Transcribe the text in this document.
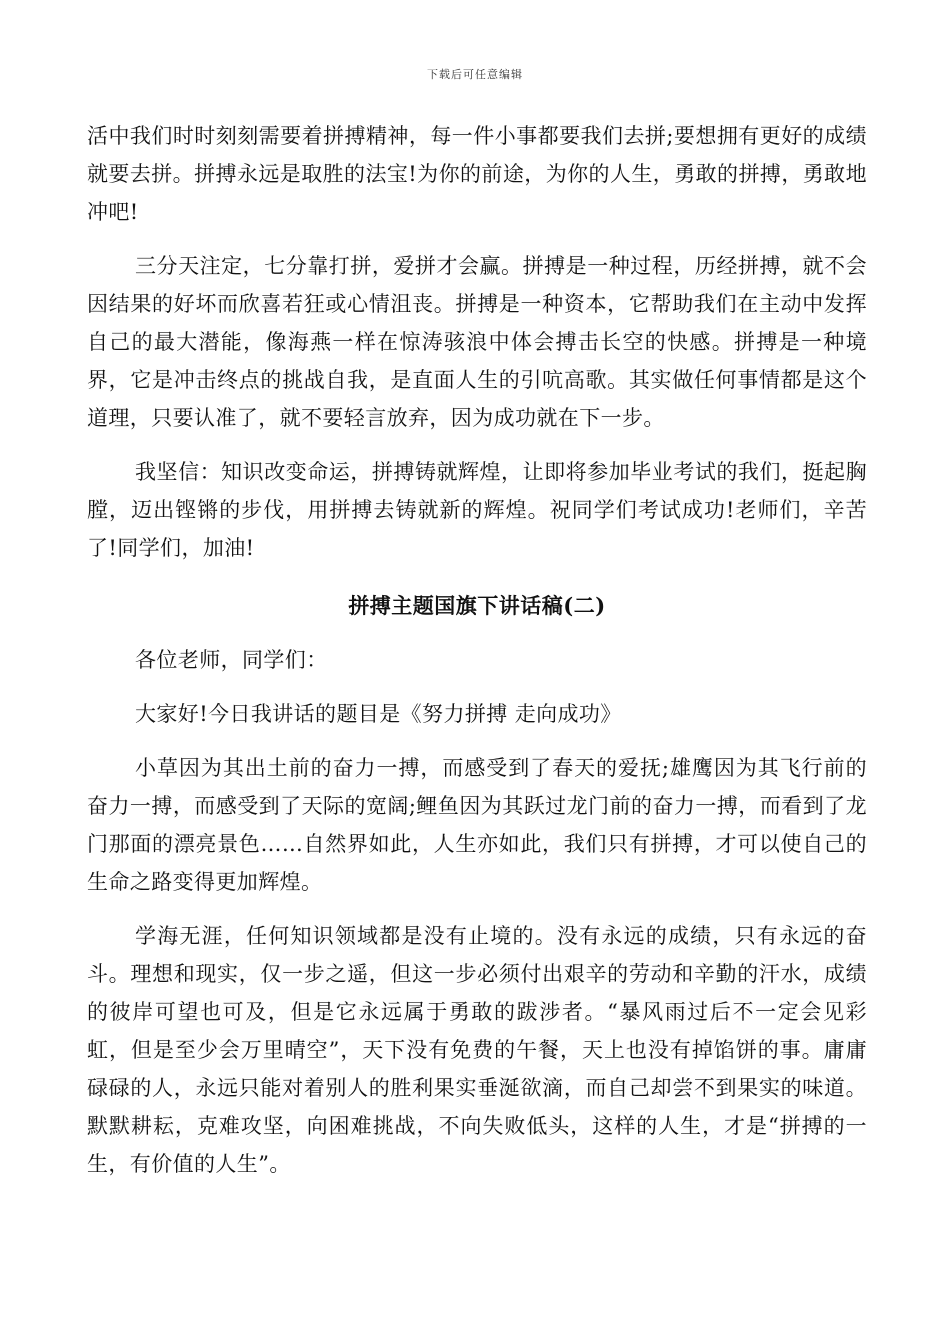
下载后可任意编辑

活中我们时时刻刻需要着拼搏精神，每一件小事都要我们去拼;要想拥有更好的成绩就要去拼。拼搏永远是取胜的法宝!为你的前途，为你的人生，勇敢的拼搏，勇敢地冲吧!

三分天注定，七分靠打拼，爱拼才会赢。拼搏是一种过程，历经拼搏，就不会因结果的好坏而欣喜若狂或心情沮丧。拼搏是一种资本，它帮助我们在主动中发挥自己的最大潜能，像海燕一样在惊涛骇浪中体会搏击长空的快感。拼搏是一种境界，它是冲击终点的挑战自我，是直面人生的引吭高歌。其实做任何事情都是这个道理，只要认准了，就不要轻言放弃，因为成功就在下一步。

我坚信：知识改变命运，拼搏铸就辉煌，让即将参加毕业考试的我们，挺起胸膛，迈出铿锵的步伐，用拼搏去铸就新的辉煌。祝同学们考试成功!老师们，辛苦了!同学们，加油!

拼搏主题国旗下讲话稿(二)

各位老师，同学们：

大家好!今日我讲话的题目是《努力拼搏 走向成功》

小草因为其出土前的奋力一搏，而感受到了春天的爱抚;雄鹰因为其飞行前的奋力一搏，而感受到了天际的宽阔;鲤鱼因为其跃过龙门前的奋力一搏，而看到了龙门那面的漂亮景色……自然界如此，人生亦如此，我们只有拼搏，才可以使自己的生命之路变得更加辉煌。

学海无涯，任何知识领域都是没有止境的。没有永远的成绩，只有永远的奋斗。理想和现实，仅一步之遥，但这一步必须付出艰辛的劳动和辛勤的汗水，成绩的彼岸可望也可及，但是它永远属于勇敢的跋涉者。“暴风雨过后不一定会见彩虹，但是至少会万里晴空”，天下没有免费的午餐，天上也没有掉馅饼的事。庸庸碌碌的人，永远只能对着别人的胜利果实垂涎欲滴，而自己却尝不到果实的味道。默默耕耘，克难攻坚，向困难挑战，不向失败低头，这样的人生，才是“拼搏的一生，有价值的人生”。
